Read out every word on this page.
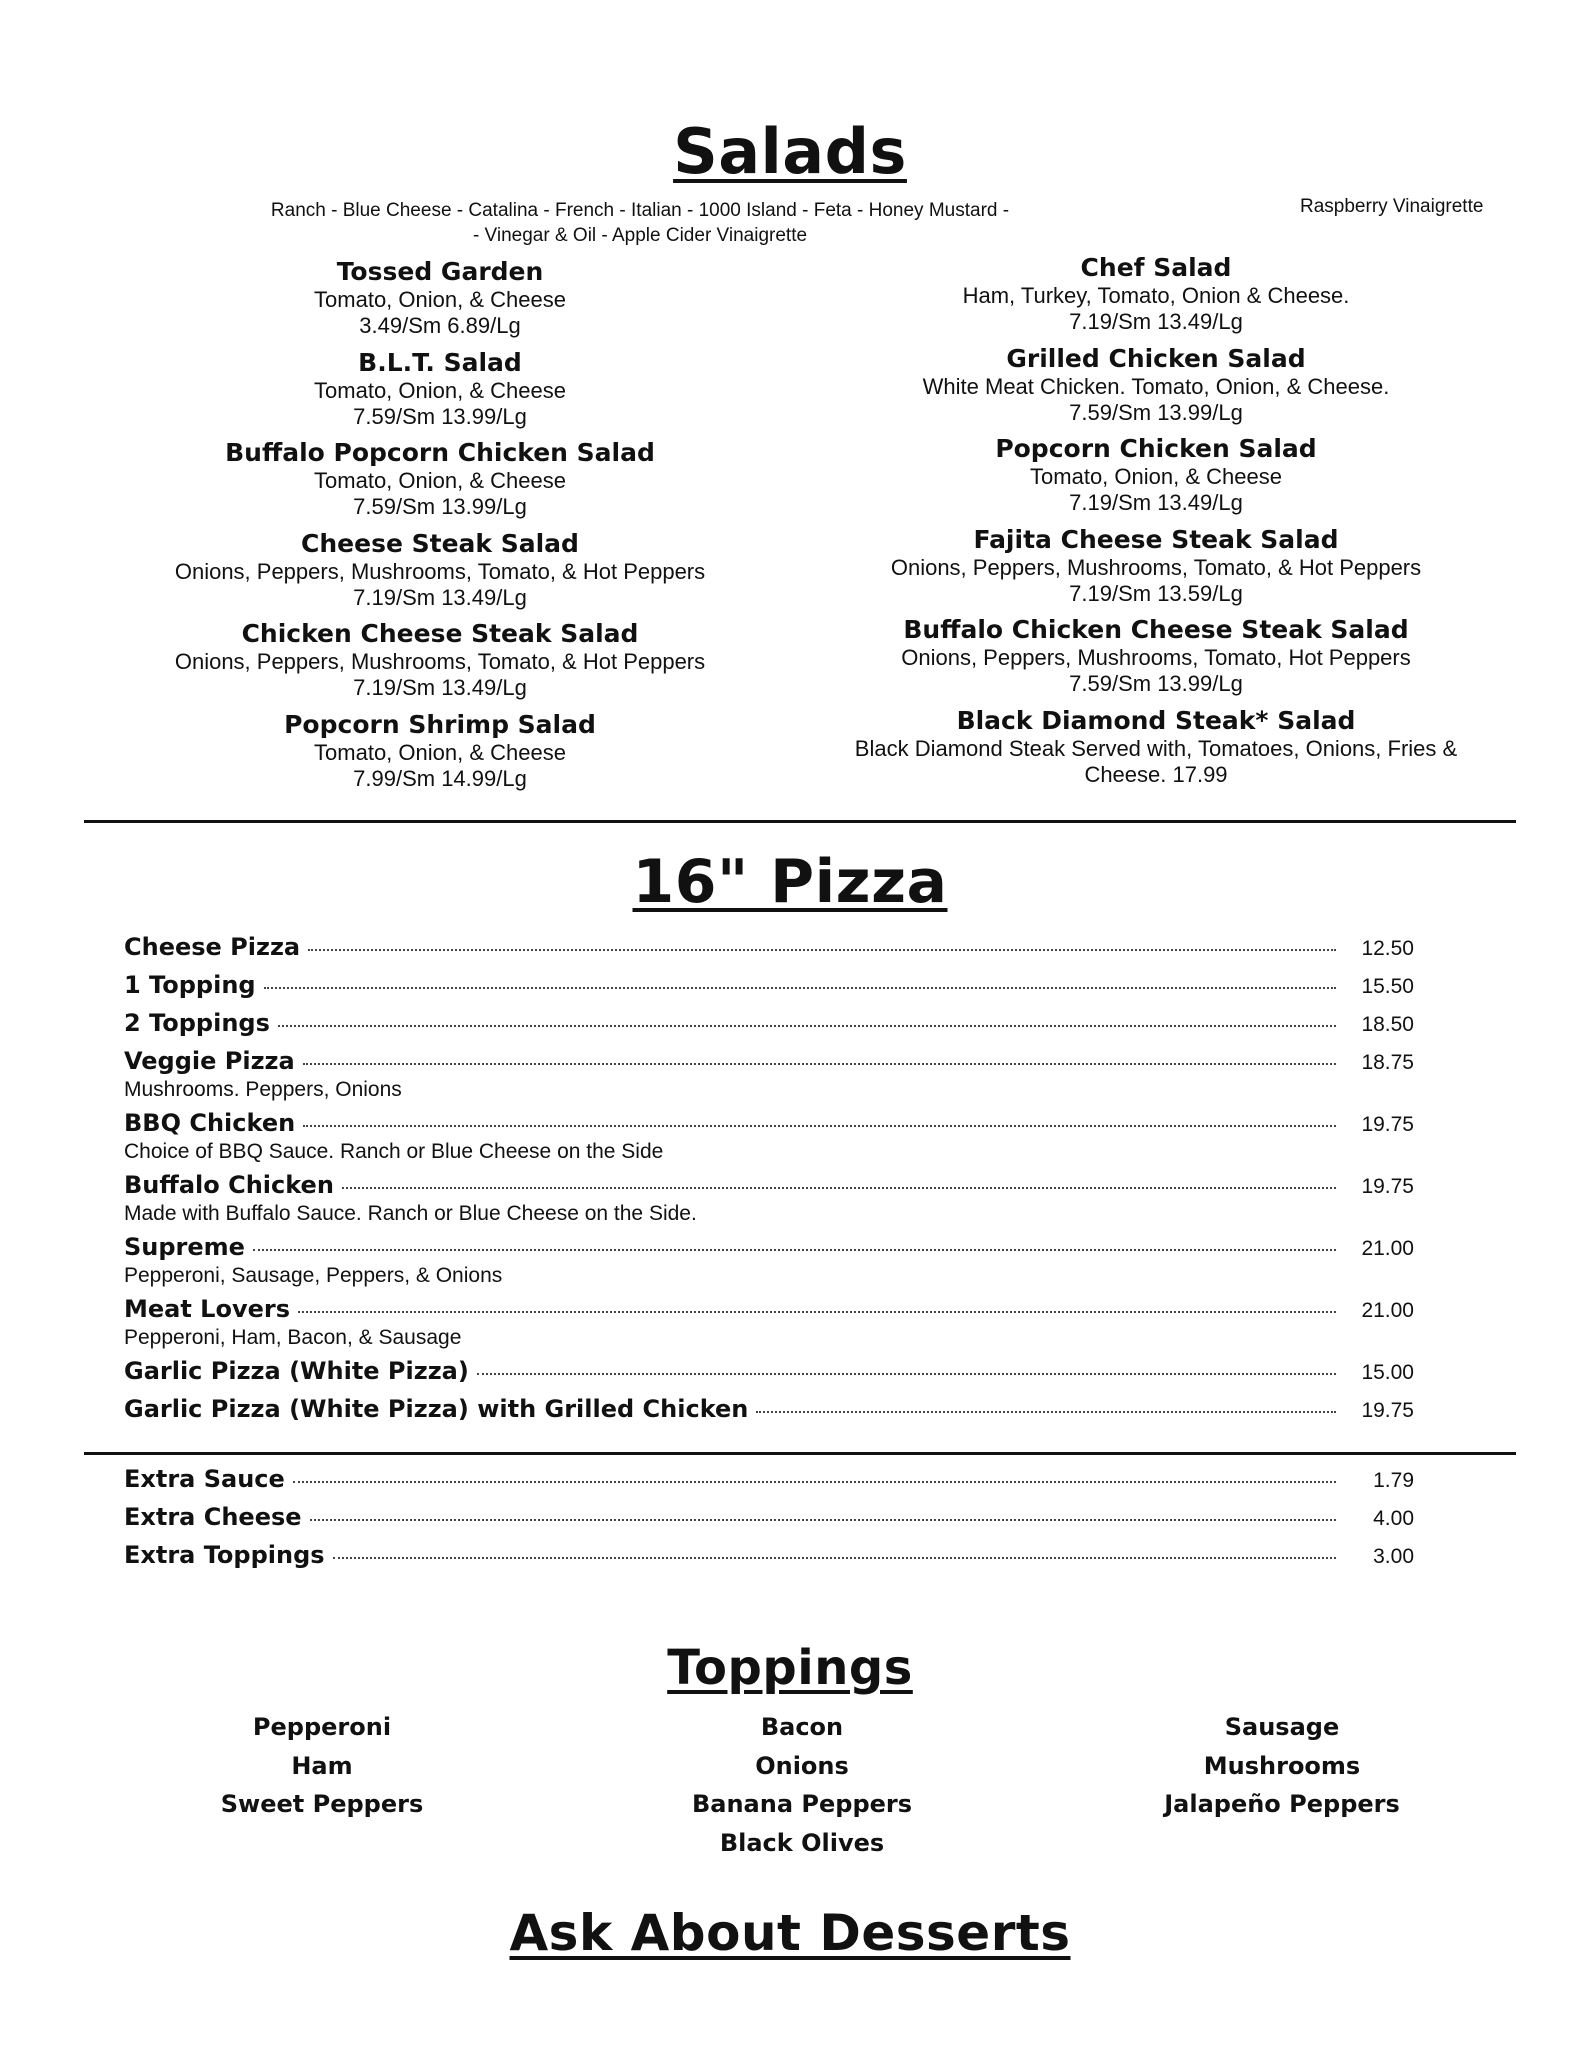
Salads
Ranch - Blue Cheese - Catalina - French - Italian - 1000 Island - Feta - Honey Mustard -
- Vinegar & Oil - Apple Cider Vinaigrette
Raspberry Vinaigrette
Tossed Garden
Tomato, Onion, & Cheese
3.49/Sm 6.89/Lg
B.L.T. Salad
Tomato, Onion, & Cheese
7.59/Sm 13.99/Lg
Buffalo Popcorn Chicken Salad
Tomato, Onion, & Cheese
7.59/Sm 13.99/Lg
Cheese Steak Salad
Onions, Peppers, Mushrooms, Tomato, & Hot Peppers
7.19/Sm 13.49/Lg
Chicken Cheese Steak Salad
Onions, Peppers, Mushrooms, Tomato, & Hot Peppers
7.19/Sm 13.49/Lg
Popcorn Shrimp Salad
Tomato, Onion, & Cheese
7.99/Sm 14.99/Lg
Chef Salad
Ham, Turkey, Tomato, Onion & Cheese.
7.19/Sm 13.49/Lg
Grilled Chicken Salad
White Meat Chicken. Tomato, Onion, & Cheese.
7.59/Sm 13.99/Lg
Popcorn Chicken Salad
Tomato, Onion, & Cheese
7.19/Sm 13.49/Lg
Fajita Cheese Steak Salad
Onions, Peppers, Mushrooms, Tomato, & Hot Peppers
7.19/Sm 13.59/Lg
Buffalo Chicken Cheese Steak Salad
Onions, Peppers, Mushrooms, Tomato, Hot Peppers
7.59/Sm 13.99/Lg
Black Diamond Steak* Salad
Black Diamond Steak Served with, Tomatoes, Onions, Fries &
Cheese. 17.99
16" Pizza
Cheese Pizza	12.50
1 Topping	15.50
2 Toppings	18.50
Veggie Pizza	18.75
Mushrooms. Peppers, Onions
BBQ Chicken	19.75
Choice of BBQ Sauce. Ranch or Blue Cheese on the Side
Buffalo Chicken	19.75
Made with Buffalo Sauce. Ranch or Blue Cheese on the Side.
Supreme	21.00
Pepperoni, Sausage, Peppers, & Onions
Meat Lovers	21.00
Pepperoni, Ham, Bacon, & Sausage
Garlic Pizza (White Pizza)	15.00
Garlic Pizza (White Pizza) with Grilled Chicken	19.75
Extra Sauce	1.79
Extra Cheese	4.00
Extra Toppings	3.00
Toppings
Pepperoni
Ham
Sweet Peppers
Bacon
Onions
Banana Peppers
Black Olives
Sausage
Mushrooms
Jalapeño Peppers
Ask About Desserts
